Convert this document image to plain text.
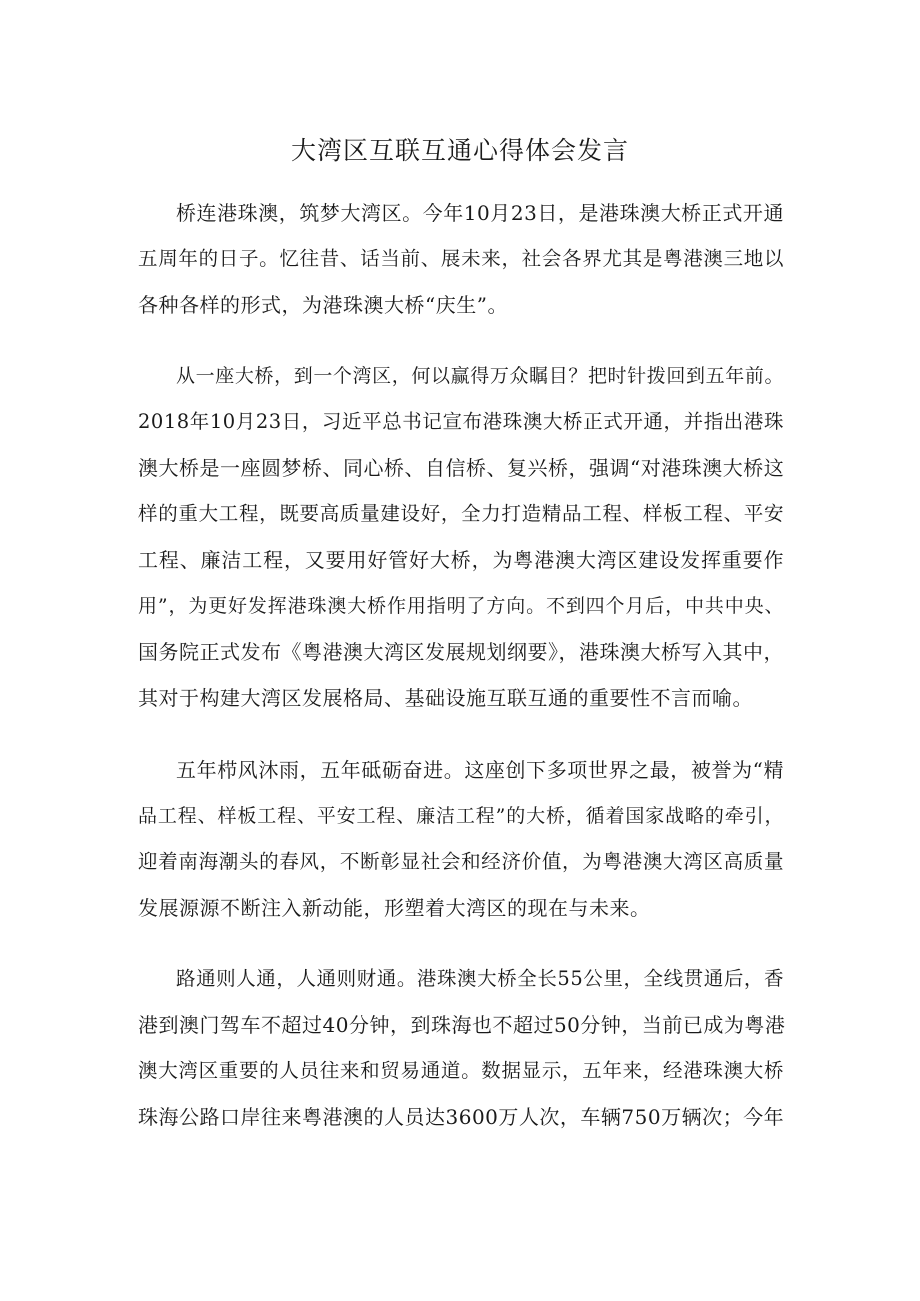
大湾区互联互通心得体会发言

桥连港珠澳，筑梦大湾区。今年10月23日，是港珠澳大桥正式开通

五周年的日子。忆往昔、话当前、展未来，社会各界尤其是粤港澳三地以

各种各样的形式，为港珠澳大桥“庆生”。

从一座大桥，到一个湾区，何以赢得万众瞩目？把时针拨回到五年前。

2018年10月23日，习近平总书记宣布港珠澳大桥正式开通，并指出港珠

澳大桥是一座圆梦桥、同心桥、自信桥、复兴桥，强调“对港珠澳大桥这

样的重大工程，既要高质量建设好，全力打造精品工程、样板工程、平安

工程、廉洁工程，又要用好管好大桥，为粤港澳大湾区建设发挥重要作

用”，为更好发挥港珠澳大桥作用指明了方向。不到四个月后，中共中央、

国务院正式发布《粤港澳大湾区发展规划纲要》，港珠澳大桥写入其中，

其对于构建大湾区发展格局、基础设施互联互通的重要性不言而喻。

五年栉风沐雨，五年砥砺奋进。这座创下多项世界之最，被誉为“精

品工程、样板工程、平安工程、廉洁工程”的大桥，循着国家战略的牵引，

迎着南海潮头的春风，不断彰显社会和经济价值，为粤港澳大湾区高质量

发展源源不断注入新动能，形塑着大湾区的现在与未来。

路通则人通，人通则财通。港珠澳大桥全长55公里，全线贯通后，香

港到澳门驾车不超过40分钟，到珠海也不超过50分钟，当前已成为粤港

澳大湾区重要的人员往来和贸易通道。数据显示，五年来，经港珠澳大桥

珠海公路口岸往来粤港澳的人员达3600万人次，车辆750万辆次；今年
